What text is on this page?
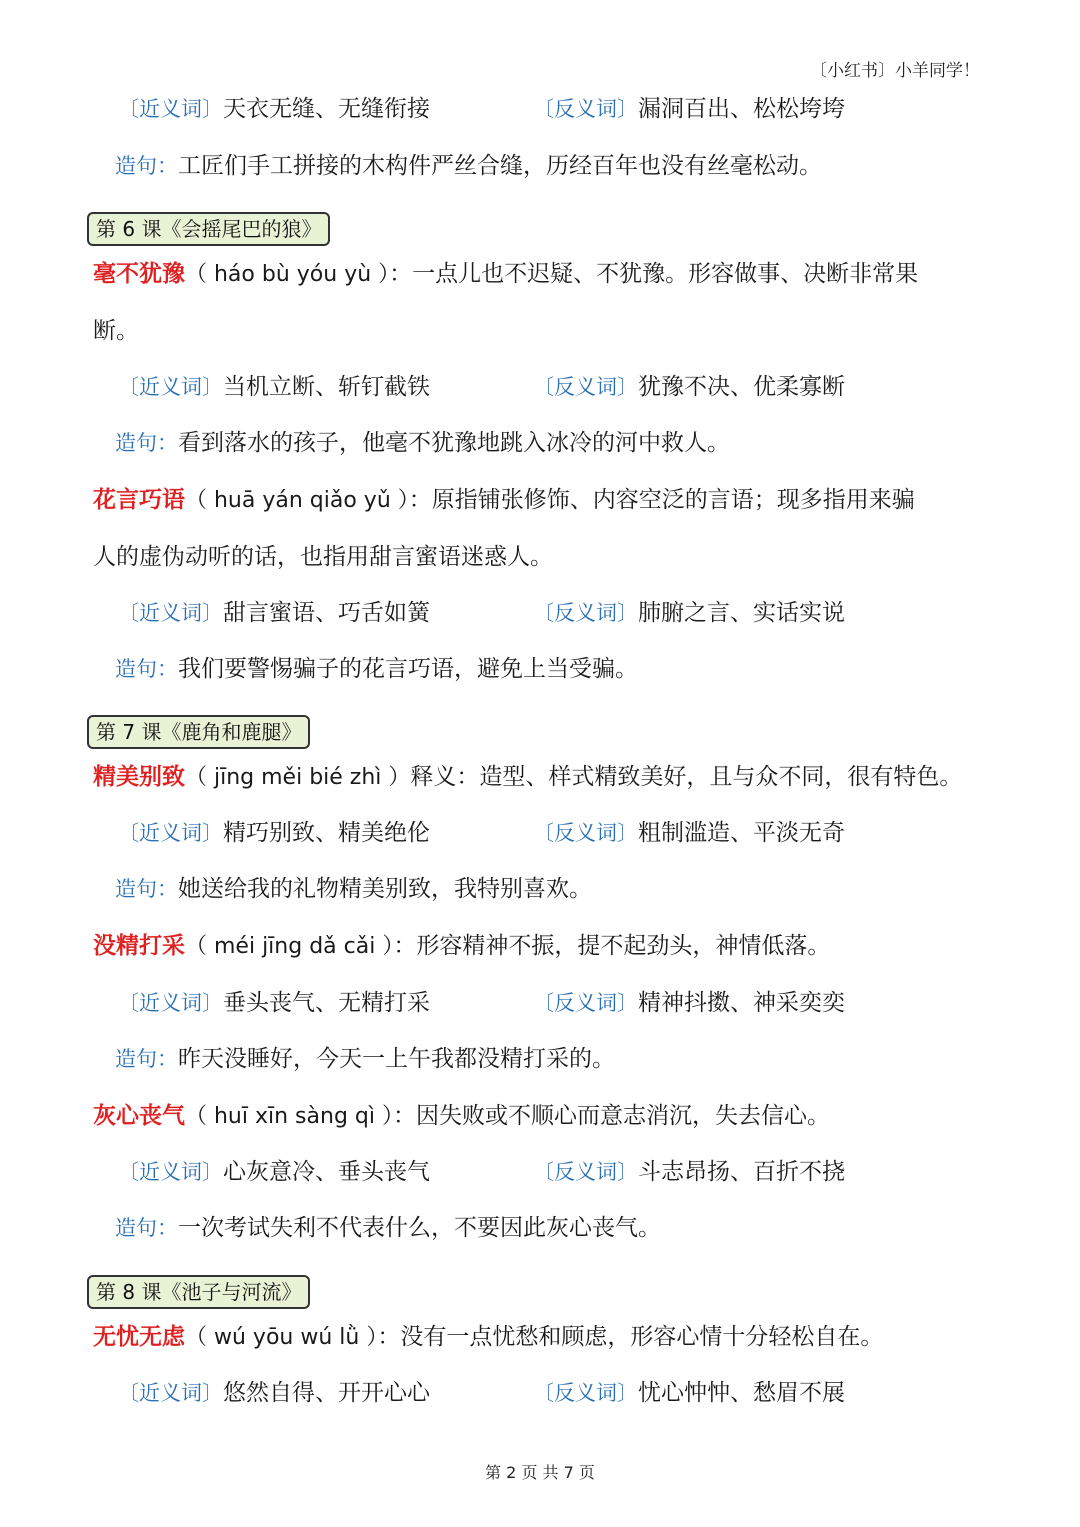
〔小红书〕小羊同学！
〔近义词〕天衣无缝、无缝衔接	〔反义词〕漏洞百出、松松垮垮
造句：工匠们手工拼接的木构件严丝合缝，历经百年也没有丝毫松动。
第 6 课《会摇尾巴的狼》
毫不犹豫（ háo bù yóu yù ）：一点儿也不迟疑、不犹豫。形容做事、决断非常果
断。
〔近义词〕当机立断、斩钉截铁	〔反义词〕犹豫不决、优柔寡断
造句：看到落水的孩子，他毫不犹豫地跳入冰冷的河中救人。
花言巧语（ huā yán qiǎo yǔ ）：原指铺张修饰、内容空泛的言语；现多指用来骗
人的虚伪动听的话，也指用甜言蜜语迷惑人。
〔近义词〕甜言蜜语、巧舌如簧	〔反义词〕肺腑之言、实话实说
造句：我们要警惕骗子的花言巧语，避免上当受骗。
第 7 课《鹿角和鹿腿》
精美别致（ jīng měi bié zhì ）释义：造型、样式精致美好，且与众不同，很有特色。
〔近义词〕精巧别致、精美绝伦	〔反义词〕粗制滥造、平淡无奇
造句：她送给我的礼物精美别致，我特别喜欢。
没精打采（ méi jīng dǎ cǎi ）：形容精神不振，提不起劲头，神情低落。
〔近义词〕垂头丧气、无精打采	〔反义词〕精神抖擞、神采奕奕
造句：昨天没睡好，今天一上午我都没精打采的。
灰心丧气（ huī xīn sàng qì ）：因失败或不顺心而意志消沉，失去信心。
〔近义词〕心灰意冷、垂头丧气	〔反义词〕斗志昂扬、百折不挠
造句：一次考试失利不代表什么，不要因此灰心丧气。
第 8 课《池子与河流》
无忧无虑（ wú yōu wú lǜ ）：没有一点忧愁和顾虑，形容心情十分轻松自在。
〔近义词〕悠然自得、开开心心	〔反义词〕忧心忡忡、愁眉不展
第 2 页 共 7 页
